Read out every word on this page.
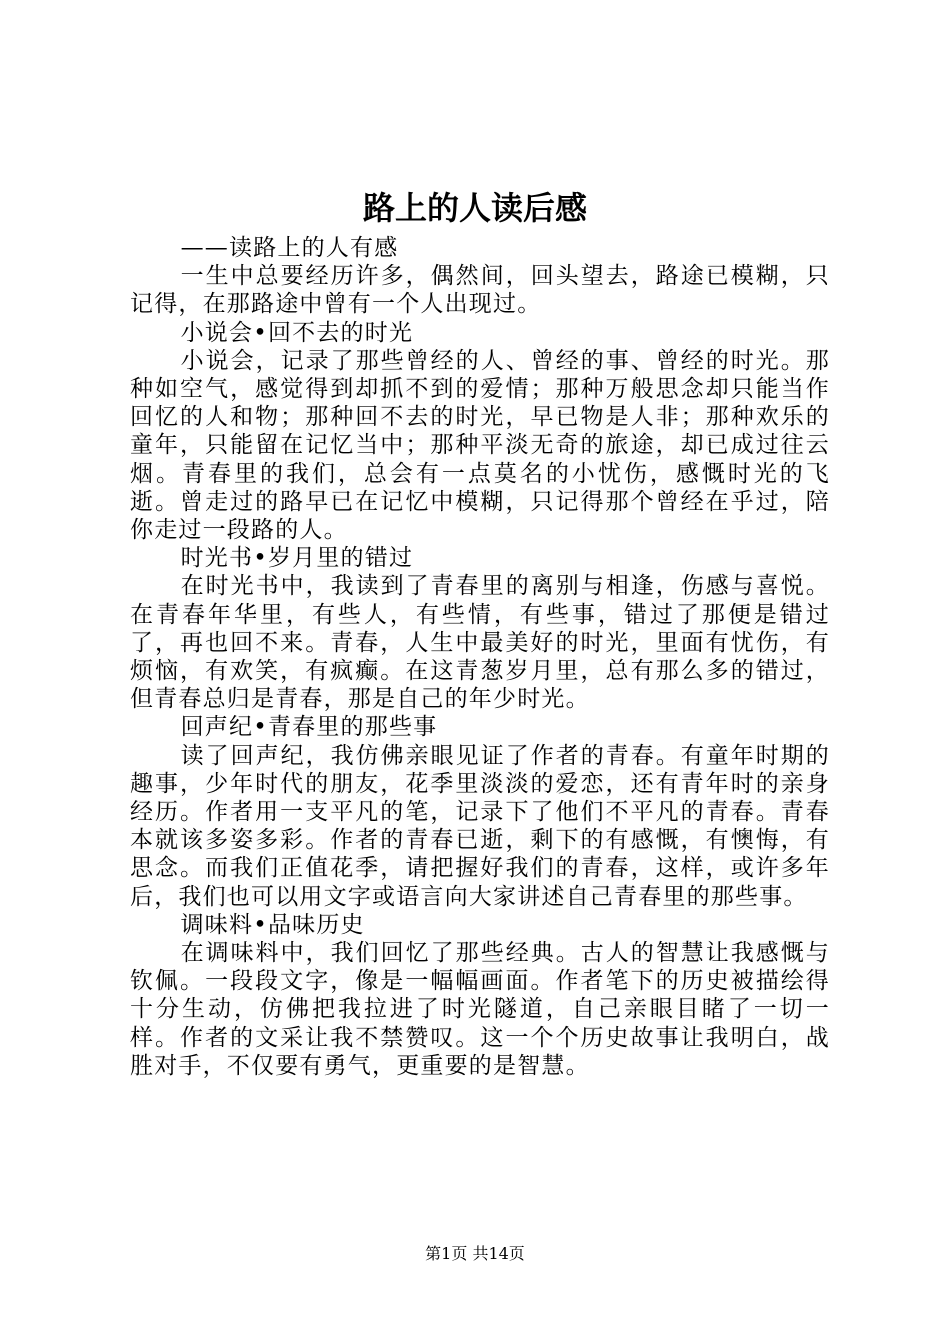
路上的人读后感

——读路上的人有感

一生中总要经历许多，偶然间，回头望去，路途已模糊，只记得，在那路途中曾有一个人出现过。

小说会•回不去的时光

小说会，记录了那些曾经的人、曾经的事、曾经的时光。那种如空气，感觉得到却抓不到的爱情；那种万般思念却只能当作回忆的人和物；那种回不去的时光，早已物是人非；那种欢乐的童年，只能留在记忆当中；那种平淡无奇的旅途，却已成过往云烟。青春里的我们，总会有一点莫名的小忧伤，感慨时光的飞逝。曾走过的路早已在记忆中模糊，只记得那个曾经在乎过，陪你走过一段路的人。

时光书•岁月里的错过

在时光书中，我读到了青春里的离别与相逢，伤感与喜悦。在青春年华里，有些人，有些情，有些事，错过了那便是错过了，再也回不来。青春，人生中最美好的时光，里面有忧伤，有烦恼，有欢笑，有疯癫。在这青葱岁月里，总有那么多的错过，但青春总归是青春，那是自己的年少时光。

回声纪•青春里的那些事

读了回声纪，我仿佛亲眼见证了作者的青春。有童年时期的趣事，少年时代的朋友，花季里淡淡的爱恋，还有青年时的亲身经历。作者用一支平凡的笔，记录下了他们不平凡的青春。青春本就该多姿多彩。作者的青春已逝，剩下的有感慨，有懊悔，有思念。而我们正值花季，请把握好我们的青春，这样，或许多年后，我们也可以用文字或语言向大家讲述自己青春里的那些事。

调味料•品味历史

在调味料中，我们回忆了那些经典。古人的智慧让我感慨与钦佩。一段段文字，像是一幅幅画面。作者笔下的历史被描绘得十分生动，仿佛把我拉进了时光隧道，自己亲眼目睹了一切一样。作者的文采让我不禁赞叹。这一个个历史故事让我明白，战胜对手，不仅要有勇气，更重要的是智慧。

第1页 共14页
